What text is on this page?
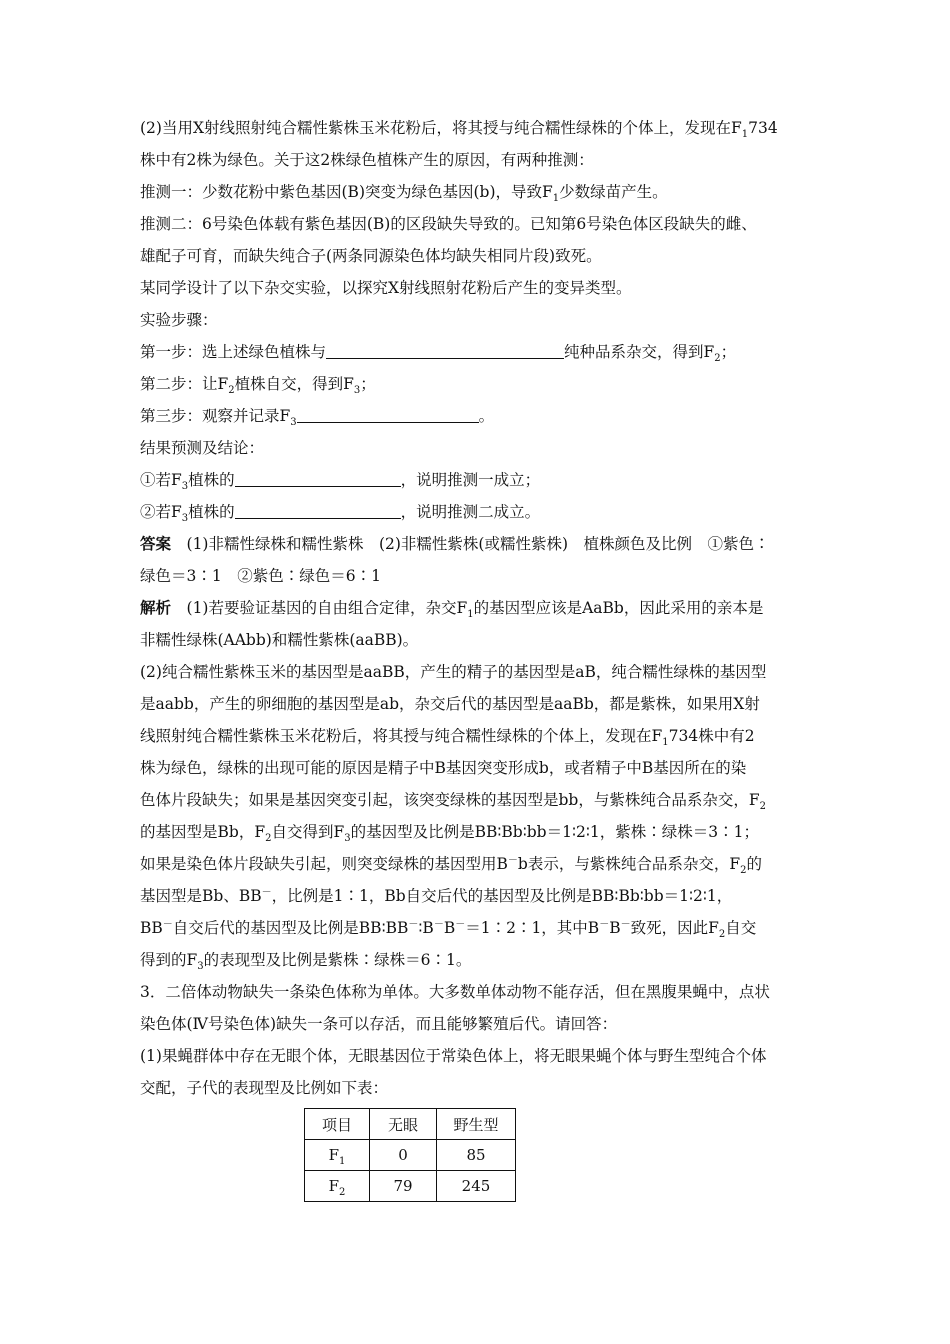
(2)当用X射线照射纯合糯性紫株玉米花粉后，将其授与纯合糯性绿株的个体上，发现在$F_1734$

株中有2株为绿色。关于这2株绿色植株产生的原因，有两种推测：

推测一：少数花粉中紫色基因(B)突变为绿色基因(b)，导致$F_1$少数绿苗产生。

推测二：6号染色体载有紫色基因(B)的区段缺失导致的。已知第6号染色体区段缺失的雌、

雄配子可育，而缺失纯合子(两条同源染色体均缺失相同片段)致死。

某同学设计了以下杂交实验，以探究X射线照射花粉后产生的变异类型。

实验步骤：

第一步：选上述绿色植株与	纯种品系杂交，得到$F_2$；

第二步：让$F_2$植株自交，得到$F_3$；

第三步：观察并记录$F_3$	。

结果预测及结论：

①若$F_3$植株的	，说明推测一成立；

②若$F_3$植株的	，说明推测二成立。

答案  (1)非糯性绿株和糯性紫株　(2)非糯性紫株(或糯性紫株)　植株颜色及比例　①紫色∶

绿色＝3∶1　②紫色∶绿色＝6∶1

解析  (1)若要验证基因的自由组合定律，杂交$F_1$的基因型应该是AaBb，因此采用的亲本是

非糯性绿株(AAbb)和糯性紫株(aaBB)。

(2)纯合糯性紫株玉米的基因型是aaBB，产生的精子的基因型是aB，纯合糯性绿株的基因型

是aabb，产生的卵细胞的基因型是ab，杂交后代的基因型是aaBb，都是紫株，如果用X射

线照射纯合糯性紫株玉米花粉后，将其授与纯合糯性绿株的个体上，发现在$F_1734$株中有2

株为绿色，绿株的出现可能的原因是精子中B基因突变形成b，或者精子中B基因所在的染

色体片段缺失；如果是基因突变引起，该突变绿株的基因型是bb，与紫株纯合品系杂交，$F_2$

的基因型是Bb，$F_2$自交得到$F_3$的基因型及比例是BB∶Bb∶bb＝1∶2∶1，紫株∶绿株＝3∶1；

如果是染色体片段缺失引起，则突变绿株的基因型用B－b表示，与紫株纯合品系杂交，$F_2$的

基因型是Bb、BB－，比例是1∶1，Bb自交后代的基因型及比例是BB∶Bb∶bb＝1∶2∶1，

BB－自交后代的基因型及比例是BB∶BB－∶B－B－＝1∶2∶1，其中B－B－致死，因此$F_2$自交

得到的$F_3$的表现型及比例是紫株∶绿株＝6∶1。

3．二倍体动物缺失一条染色体称为单体。大多数单体动物不能存活，但在黑腹果蝇中，点状

染色体(Ⅳ号染色体)缺失一条可以存活，而且能够繁殖后代。请回答：

(1)果蝇群体中存在无眼个体，无眼基因位于常染色体上，将无眼果蝇个体与野生型纯合个体

交配，子代的表现型及比例如下表：

项目	无眼	野生型
$F_1$	0	85
$F_2$	79	245
